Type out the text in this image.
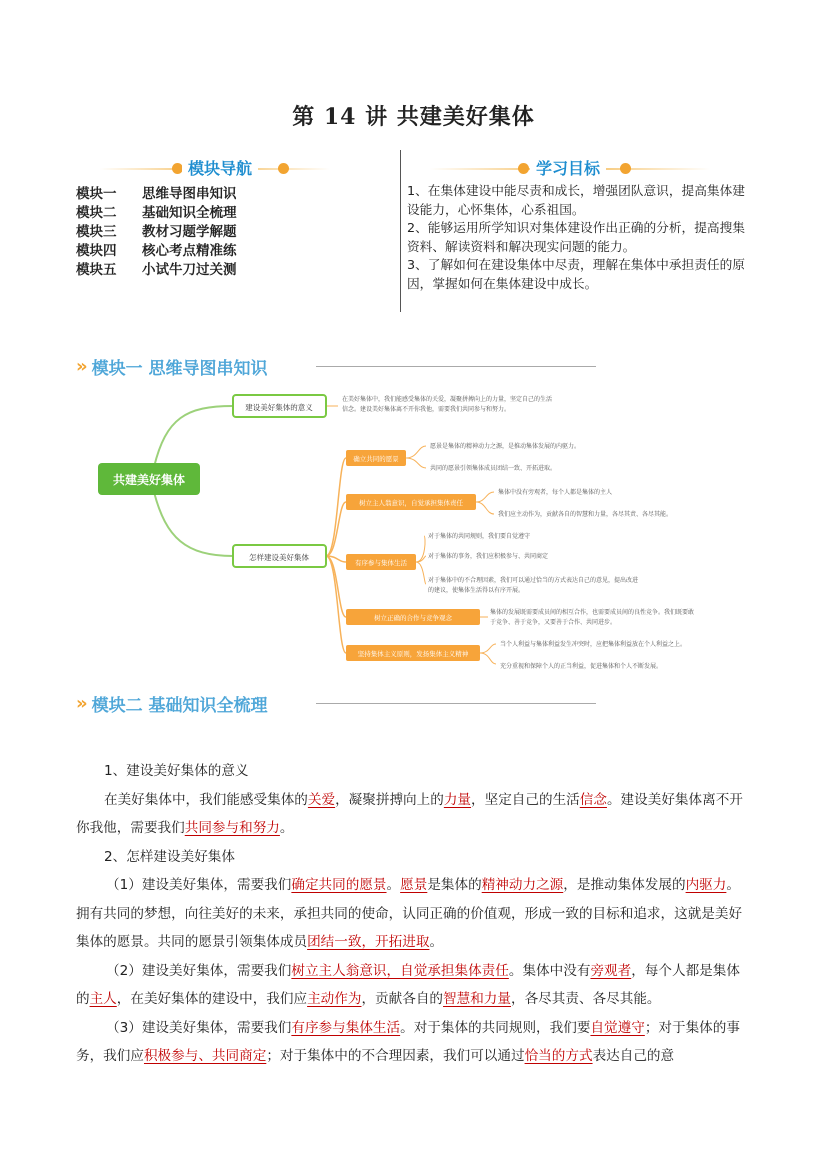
第 14 讲 共建美好集体
模块导航
模块一	思维导图串知识
模块二	基础知识全梳理
模块三	教材习题学解题
模块四	核心考点精准练
模块五	小试牛刀过关测
学习目标

1、在集体建设中能尽责和成长，增强团队意识，提高集体建设能力，心怀集体，心系祖国。

2、能够运用所学知识对集体建设作出正确的分析，提高搜集资料、解读资料和解决现实问题的能力。

3、了解如何在建设集体中尽责，理解在集体中承担责任的原因，掌握如何在集体建设中成长。

» 模块一 思维导图串知识
共建美好集体
建设美好集体的意义
在美好集体中，我们能感受集体的关爱，凝聚拼搏向上的力量，坚定自己的生活
信念。建设美好集体离不开你我他，需要我们共同参与和努力。
怎样建设美好集体
确立共同的愿景
愿景是集体的精神动力之源，是推动集体发展的内驱力。
共同的愿景引领集体成员团结一致、开拓进取。
树立主人翁意识，自觉承担集体责任
集体中没有旁观者，每个人都是集体的主人
我们应主动作为，贡献各自的智慧和力量，各尽其责、各尽其能。
有序参与集体生活
对于集体的共同规则，我们要自觉遵守
对于集体的事务，我们应积极参与、共同商定
对于集体中的不合理因素，我们可以通过恰当的方式表达自己的意见，提出改进
的建议，使集体生活得以有序开展。
树立正确的合作与竞争观念
集体的发展既需要成员间的相互合作，也需要成员间的良性竞争。我们既要敢
于竞争、善于竞争，又要善于合作、共同进步。
坚持集体主义原则，发扬集体主义精神
当个人利益与集体利益发生冲突时，应把集体利益放在个人利益之上。
充分重视和保障个人的正当利益，促进集体和个人不断发展。
» 模块二 基础知识全梳理

1、建设美好集体的意义

在美好集体中，我们能感受集体的关爱，凝聚拼搏向上的力量，坚定自己的生活信念。建设美好集体离不开你我他，需要我们共同参与和努力。

2、怎样建设美好集体

（1）建设美好集体，需要我们确定共同的愿景。愿景是集体的精神动力之源，是推动集体发展的内驱力。拥有共同的梦想，向往美好的未来，承担共同的使命，认同正确的价值观，形成一致的目标和追求，这就是美好集体的愿景。共同的愿景引领集体成员团结一致，开拓进取。

（2）建设美好集体，需要我们树立主人翁意识，自觉承担集体责任。集体中没有旁观者，每个人都是集体的主人，在美好集体的建设中，我们应主动作为，贡献各自的智慧和力量，各尽其责、各尽其能。

（3）建设美好集体，需要我们有序参与集体生活。对于集体的共同规则，我们要自觉遵守；对于集体的事务，我们应积极参与、共同商定；对于集体中的不合理因素，我们可以通过恰当的方式表达自己的意
